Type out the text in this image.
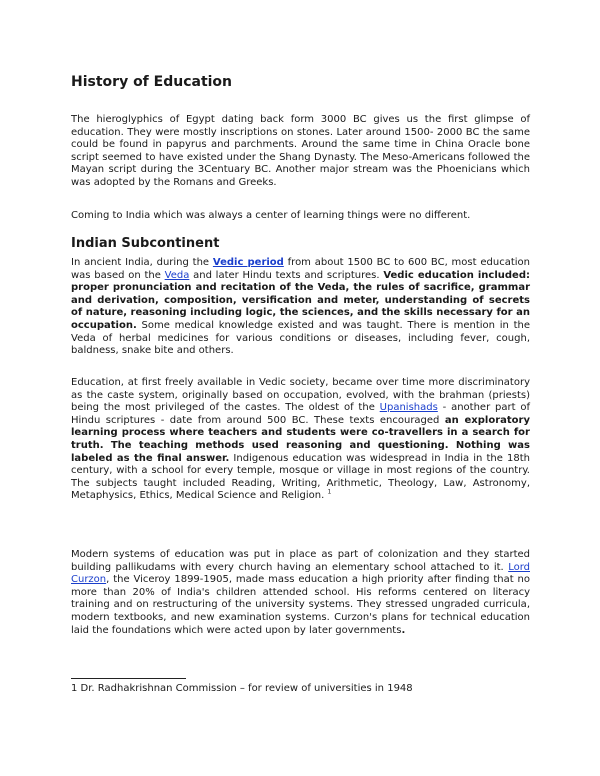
History of Education

The hieroglyphics of Egypt dating back form 3000 BC gives us the first glimpse of education. They were mostly inscriptions on stones. Later around 1500- 2000 BC the same could be found in papyrus and parchments. Around the same time in China Oracle bone script seemed to have existed under the Shang Dynasty. The Meso-Americans followed the Mayan script during the 3Centuary BC. Another major stream was the Phoenicians which was adopted by the Romans and Greeks.

Coming to India which was always a center of learning things were no different.

Indian Subcontinent

In ancient India, during the Vedic period from about 1500 BC to 600 BC, most education was based on the Veda and later Hindu texts and scriptures. Vedic education included: proper pronunciation and recitation of the Veda, the rules of sacrifice, grammar and derivation, composition, versification and meter, understanding of secrets of nature, reasoning including logic, the sciences, and the skills necessary for an occupation. Some medical knowledge existed and was taught. There is mention in the Veda of herbal medicines for various conditions or diseases, including fever, cough, baldness, snake bite and others.

Education, at first freely available in Vedic society, became over time more discriminatory as the caste system, originally based on occupation, evolved, with the brahman (priests) being the most privileged of the castes. The oldest of the Upanishads - another part of Hindu scriptures - date from around 500 BC. These texts encouraged an exploratory learning process where teachers and students were co-travellers in a search for truth. The teaching methods used reasoning and questioning. Nothing was labeled as the final answer. Indigenous education was widespread in India in the 18th century, with a school for every temple, mosque or village in most regions of the country. The subjects taught included Reading, Writing, Arithmetic, Theology, Law, Astronomy, Metaphysics, Ethics, Medical Science and Religion. $^1$

Modern systems of education was put in place as part of colonization and they started building pallikudams with every church having an elementary school attached to it. Lord Curzon, the Viceroy 1899-1905, made mass education a high priority after finding that no more than 20% of India's children attended school. His reforms centered on literacy training and on restructuring of the university systems. They stressed ungraded curricula, modern textbooks, and new examination systems. Curzon's plans for technical education laid the foundations which were acted upon by later governments.

1 Dr. Radhakrishnan Commission – for review of universities in 1948
